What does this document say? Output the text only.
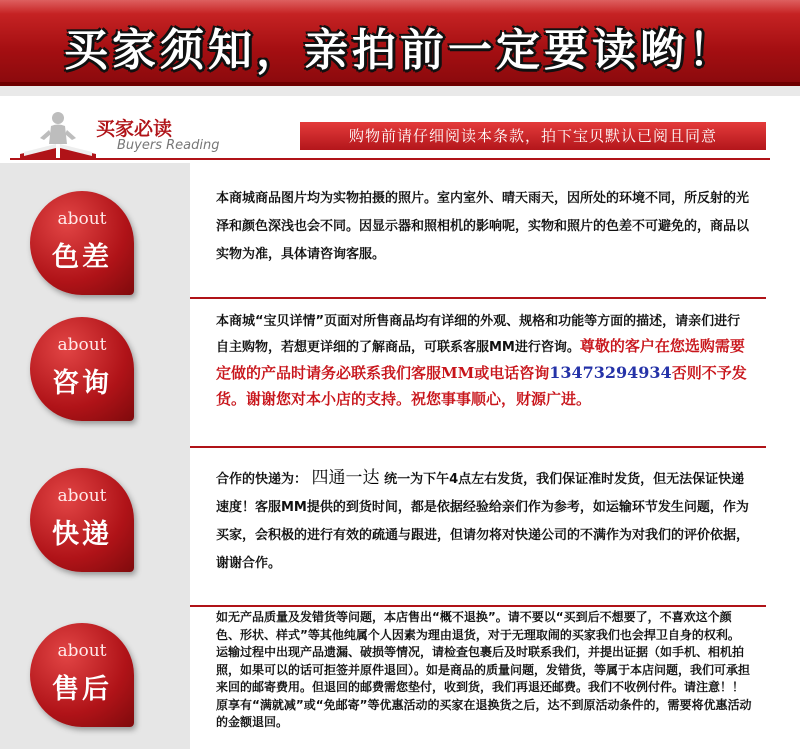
买家须知，亲拍前一定要读哟！
买家必读
Buyers Reading
购物前请仔细阅读本条款，拍下宝贝默认已阅且同意
about
色差
本商城商品图片均为实物拍摄的照片。室内室外、晴天雨天，因所处的环境不同，所反射的光泽和颜色深浅也会不同。因显示器和照相机的影响呢，实物和照片的色差不可避免的，商品以实物为准，具体请咨询客服。
about
咨询
本商城“宝贝详情”页面对所售商品均有详细的外观、规格和功能等方面的描述，请亲们进行自主购物，若想更详细的了解商品，可联系客服MM进行咨询。尊敬的客户在您选购需要定做的产品时请务必联系我们客服MM或电话咨询13473294934否则不予发货。谢谢您对本小店的支持。祝您事事顺心，财源广进。
about
快递
合作的快递为： 四通一达 统一为下午4点左右发货，我们保证准时发货，但无法保证快递速度！客服MM提供的到货时间，都是依据经验给亲们作为参考，如运输环节发生问题，作为买家，会积极的进行有效的疏通与跟进，但请勿将对快递公司的不满作为对我们的评价依据，谢谢合作。
about
售后
如无产品质量及发错货等问题，本店售出“概不退换”。请不要以“买到后不想要了，不喜欢这个颜色、形状、样式”等其他纯属个人因素为理由退货，对于无理取闹的买家我们也会捍卫自身的权利。 运输过程中出现产品遗漏、破损等情况，请检查包裹后及时联系我们，并提出证据（如手机、相机拍照，如果可以的话可拒签并原件退回）。如是商品的质量问题，发错货，等属于本店问题，我们可承担来回的邮寄费用。但退回的邮费需您垫付，收到货，我们再退还邮费。我们不收例付件。请注意！！ 原享有“满就减”或“免邮寄”等优惠活动的买家在退换货之后，达不到原活动条件的，需要将优惠活动的金额退回。
